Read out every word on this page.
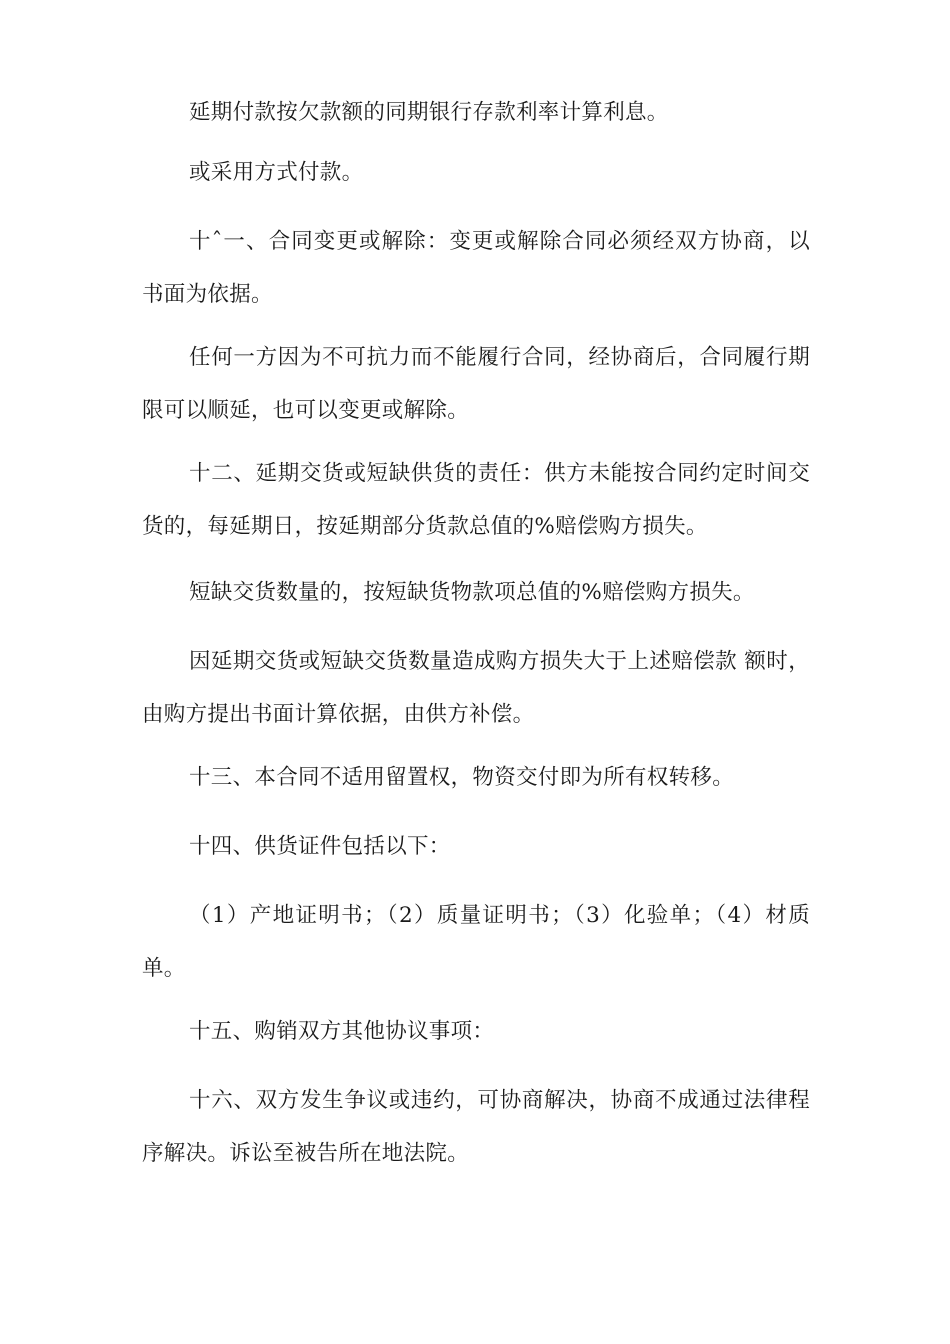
延期付款按欠款额的同期银行存款利率计算利息。

或采用方式付款。

十ˆ一、合同变更或解除：变更或解除合同必须经双方协商，以书面为依据。

任何一方因为不可抗力而不能履行合同，经协商后，合同履行期限可以顺延，也可以变更或解除。

十二、延期交货或短缺供货的责任：供方未能按合同约定时间交货的，每延期日，按延期部分货款总值的%赔偿购方损失。

短缺交货数量的，按短缺货物款项总值的%赔偿购方损失。

因延期交货或短缺交货数量造成购方损失大于上述赔偿款 额时，由购方提出书面计算依据，由供方补偿。

十三、本合同不适用留置权，物资交付即为所有权转移。

十四、供货证件包括以下：

（1）产地证明书；（2）质量证明书；（3）化验单；（4）材质单。

十五、购销双方其他协议事项：

十六、双方发生争议或违约，可协商解决，协商不成通过法律程序解决。诉讼至被告所在地法院。
